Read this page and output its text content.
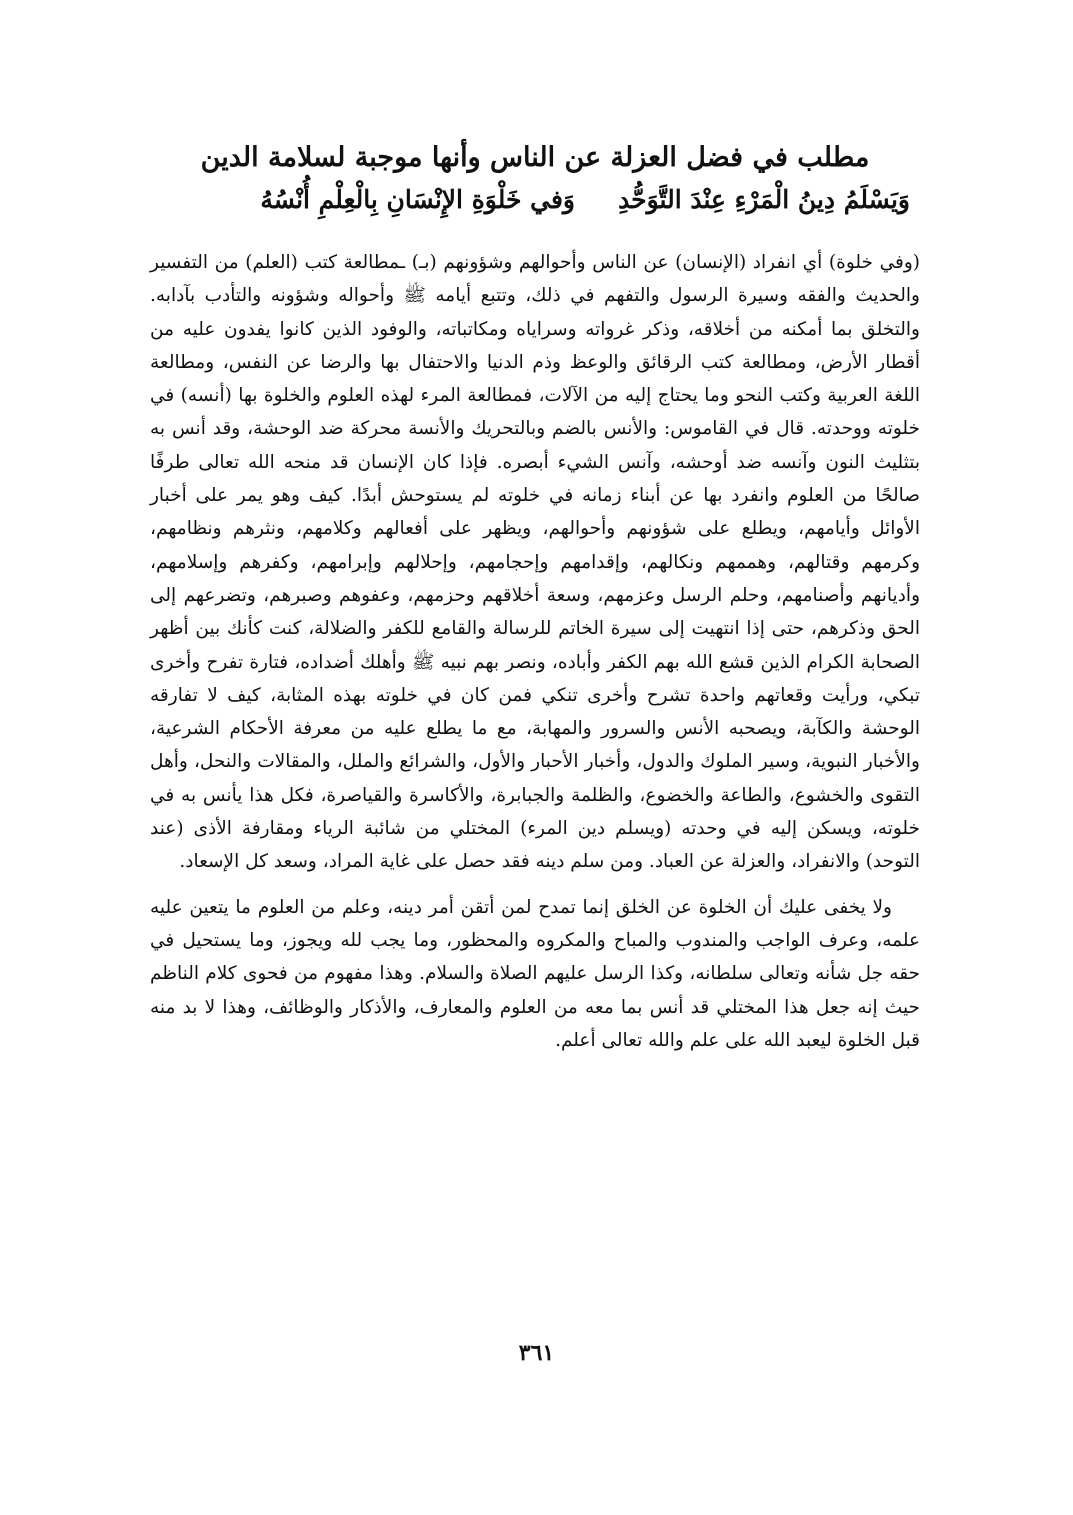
مطلب في فضل العزلة عن الناس وأنها موجبة لسلامة الدين
وَفي خَلْوَةِ الإِنْسَانِ بِالْعِلْمِ أُنْسُهُ وَيَسْلَمُ دِينُ الْمَرْءِ عِنْدَ التَّوَحُّدِ

(وفي خلوة) أي انفراد (الإنسان) عن الناس وأحوالهم وشؤونهم (بـ) ـمطالعة كتب (العلم) من التفسير والحديث والفقه وسيرة الرسول والتفهم في ذلك، وتتبع أيامه ﷺ وأحواله وشؤونه والتأدب بآدابه. والتخلق بما أمكنه من أخلاقه، وذكر غرواته وسراياه ومكاتباته، والوفود الذين كانوا يفدون عليه من أقطار الأرض، ومطالعة كتب الرقائق والوعظ وذم الدنيا والاحتفال بها والرضا عن النفس، ومطالعة اللغة العربية وكتب النحو وما يحتاج إليه من الآلات، فمطالعة المرء لهذه العلوم والخلوة بها (أنسه) في خلوته ووحدته. قال في القاموس: والأنس بالضم وبالتحريك والأنسة محركة ضد الوحشة، وقد أنس به بتثليث النون وآنسه ضد أوحشه، وآنس الشيء أبصره. فإذا كان الإنسان قد منحه الله تعالى طرفًا صالحًا من العلوم وانفرد بها عن أبناء زمانه في خلوته لم يستوحش أبدًا. كيف وهو يمر على أخبار الأوائل وأيامهم، ويطلع على شؤونهم وأحوالهم، ويظهر على أفعالهم وكلامهم، ونثرهم ونظامهم، وكرمهم وقتالهم، وهممهم ونكالهم، وإقدامهم وإحجامهم، وإحلالهم وإبرامهم، وكفرهم وإسلامهم، وأديانهم وأصنامهم، وحلم الرسل وعزمهم، وسعة أخلاقهم وحزمهم، وعفوهم وصبرهم، وتضرعهم إلى الحق وذكرهم، حتى إذا انتهيت إلى سيرة الخاتم للرسالة والقامع للكفر والضلالة، كنت كأنك بين أظهر الصحابة الكرام الذين قشع الله بهم الكفر وأباده، ونصر بهم نبيه ﷺ وأهلك أضداده، فتارة تفرح وأخرى تبكي، ورأيت وقعاتهم واحدة تشرح وأخرى تنكي فمن كان في خلوته بهذه المثابة، كيف لا تفارقه الوحشة والكآبة، ويصحبه الأنس والسرور والمهابة، مع ما يطلع عليه من معرفة الأحكام الشرعية، والأخبار النبوية، وسير الملوك والدول، وأخبار الأحبار والأول، والشرائع والملل، والمقالات والنحل، وأهل التقوى والخشوع، والطاعة والخضوع، والظلمة والجبابرة، والأكاسرة والقياصرة، فكل هذا يأنس به في خلوته، ويسكن إليه في وحدته (ويسلم دين المرء) المختلي من شائبة الرياء ومقارفة الأذى (عند التوحد) والانفراد، والعزلة عن العباد. ومن سلم دينه فقد حصل على غاية المراد، وسعد كل الإسعاد.

ولا يخفى عليك أن الخلوة عن الخلق إنما تمدح لمن أتقن أمر دينه، وعلم من العلوم ما يتعين عليه علمه، وعرف الواجب والمندوب والمباح والمكروه والمحظور، وما يجب لله ويجوز، وما يستحيل في حقه جل شأنه وتعالى سلطانه، وكذا الرسل عليهم الصلاة والسلام. وهذا مفهوم من فحوى كلام الناظم حيث إنه جعل هذا المختلي قد أنس بما معه من العلوم والمعارف، والأذكار والوظائف، وهذا لا بد منه قبل الخلوة ليعبد الله على علم والله تعالى أعلم.

٣٦١
